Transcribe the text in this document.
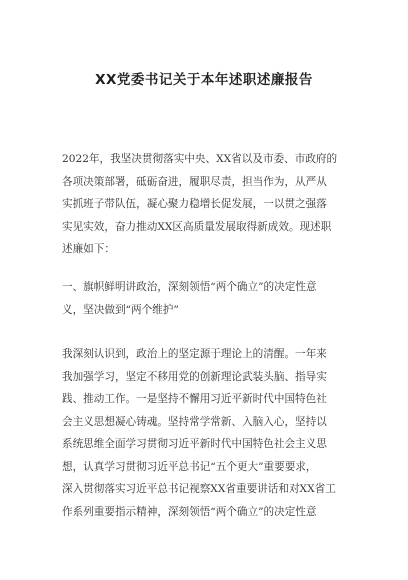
XX党委书记关于本年述职述廉报告
2022年，我坚决贯彻落实中央、XX省以及市委、市政府的
各项决策部署，砥砺奋进，履职尽责，担当作为，从严从
实抓班子带队伍，凝心聚力稳增长促发展，一以贯之强落
实见实效，奋力推动XX区高质量发展取得新成效。现述职
述廉如下：
一、旗帜鲜明讲政治，深刻领悟“两个确立”的决定性意
义，坚决做到“两个维护”
我深刻认识到，政治上的坚定源于理论上的清醒。一年来
我加强学习，坚定不移用党的创新理论武装头脑、指导实
践、推动工作。一是坚持不懈用习近平新时代中国特色社
会主义思想凝心铸魂。坚持常学常新、入脑入心，坚持以
系统思维全面学习贯彻习近平新时代中国特色社会主义思
想，认真学习贯彻习近平总书记“五个更大”重要要求，
深入贯彻落实习近平总书记视察XX省重要讲话和对XX省工
作系列重要指示精神，深刻领悟“两个确立”的决定性意
